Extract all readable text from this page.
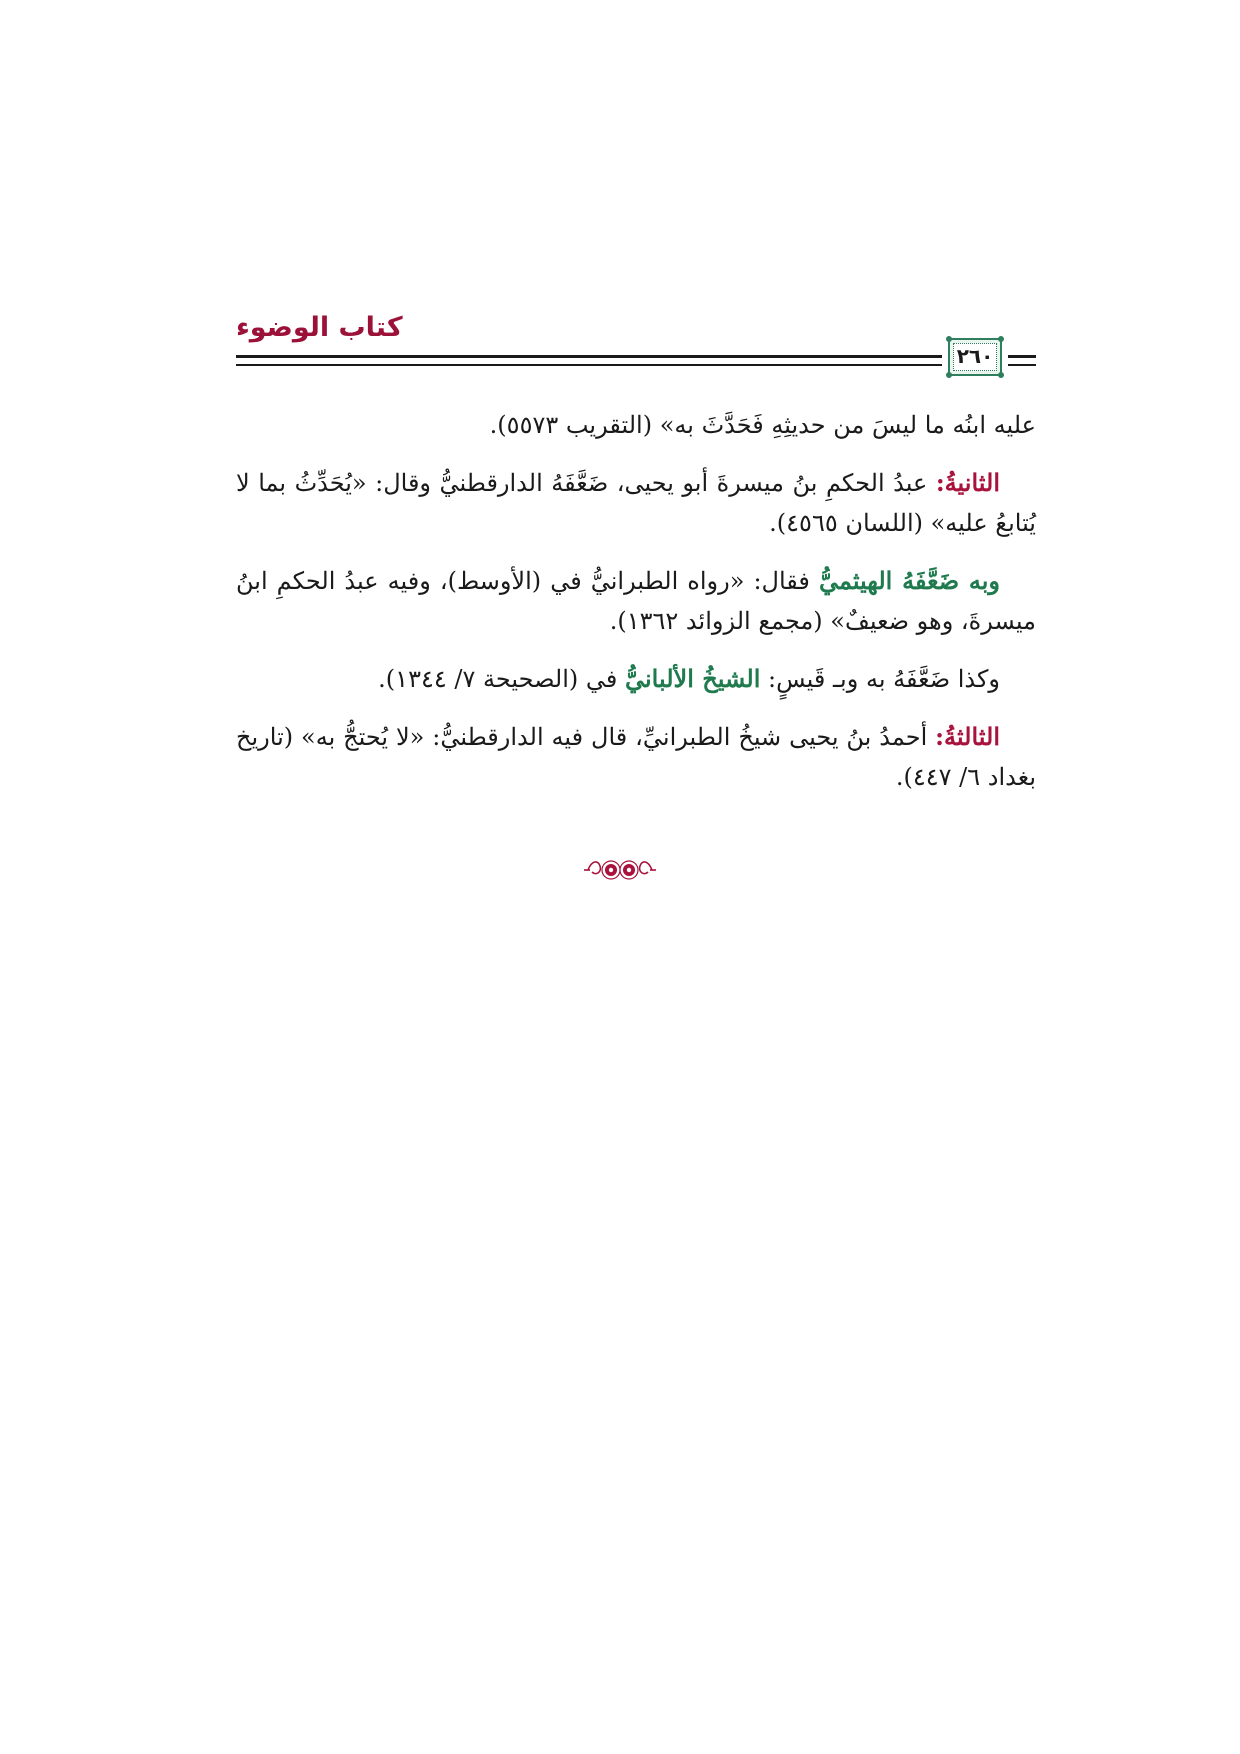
كتاب الوضوء
٢٦٠

عليه ابنُه ما ليسَ من حديثِهِ فَحَدَّثَ به» (التقريب ٥٥٧٣).

الثانيةُ: عبدُ الحكمِ بنُ ميسرةَ أبو يحيى، ضَعَّفَهُ الدارقطنيُّ وقال: «يُحَدِّثُ بما لا يُتابعُ عليه» (اللسان ٤٥٦٥).

وبه ضَعَّفَهُ الهيثميُّ فقال: «رواه الطبرانيُّ في (الأوسط)، وفيه عبدُ الحكمِ ابنُ ميسرةَ، وهو ضعيفٌ» (مجمع الزوائد ١٣٦٢).

وكذا ضَعَّفَهُ به وبـ قَيسٍ: الشيخُ الألبانيُّ في (الصحيحة ٧/ ١٣٤٤).

الثالثةُ: أحمدُ بنُ يحيى شيخُ الطبرانيِّ، قال فيه الدارقطنيُّ: «لا يُحتجُّ به» (تاريخ بغداد ٦/ ٤٤٧).
